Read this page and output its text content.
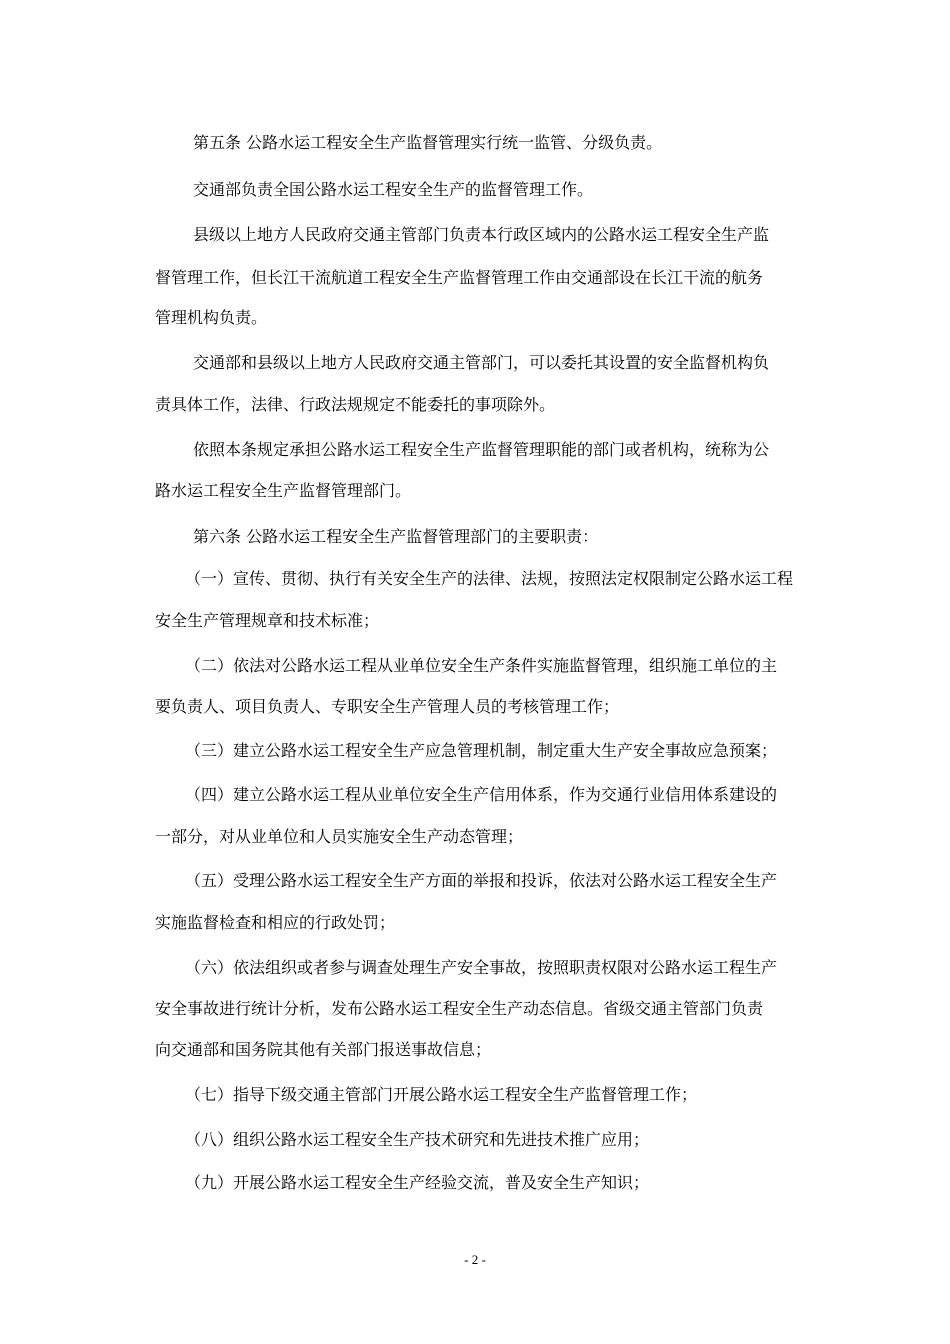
第五条 公路水运工程安全生产监督管理实行统一监管、分级负责。
交通部负责全国公路水运工程安全生产的监督管理工作。
县级以上地方人民政府交通主管部门负责本行政区域内的公路水运工程安全生产监
督管理工作，但长江干流航道工程安全生产监督管理工作由交通部设在长江干流的航务
管理机构负责。
交通部和县级以上地方人民政府交通主管部门，可以委托其设置的安全监督机构负
责具体工作，法律、行政法规规定不能委托的事项除外。
依照本条规定承担公路水运工程安全生产监督管理职能的部门或者机构，统称为公
路水运工程安全生产监督管理部门。
第六条 公路水运工程安全生产监督管理部门的主要职责：
（一）宣传、贯彻、执行有关安全生产的法律、法规，按照法定权限制定公路水运工程
安全生产管理规章和技术标准；
（二）依法对公路水运工程从业单位安全生产条件实施监督管理，组织施工单位的主
要负责人、项目负责人、专职安全生产管理人员的考核管理工作；
（三）建立公路水运工程安全生产应急管理机制，制定重大生产安全事故应急预案；
（四）建立公路水运工程从业单位安全生产信用体系，作为交通行业信用体系建设的
一部分，对从业单位和人员实施安全生产动态管理；
（五）受理公路水运工程安全生产方面的举报和投诉，依法对公路水运工程安全生产
实施监督检查和相应的行政处罚；
（六）依法组织或者参与调查处理生产安全事故，按照职责权限对公路水运工程生产
安全事故进行统计分析，发布公路水运工程安全生产动态信息。省级交通主管部门负责
向交通部和国务院其他有关部门报送事故信息；
（七）指导下级交通主管部门开展公路水运工程安全生产监督管理工作；
（八）组织公路水运工程安全生产技术研究和先进技术推广应用；
（九）开展公路水运工程安全生产经验交流，普及安全生产知识；
- 2 -
